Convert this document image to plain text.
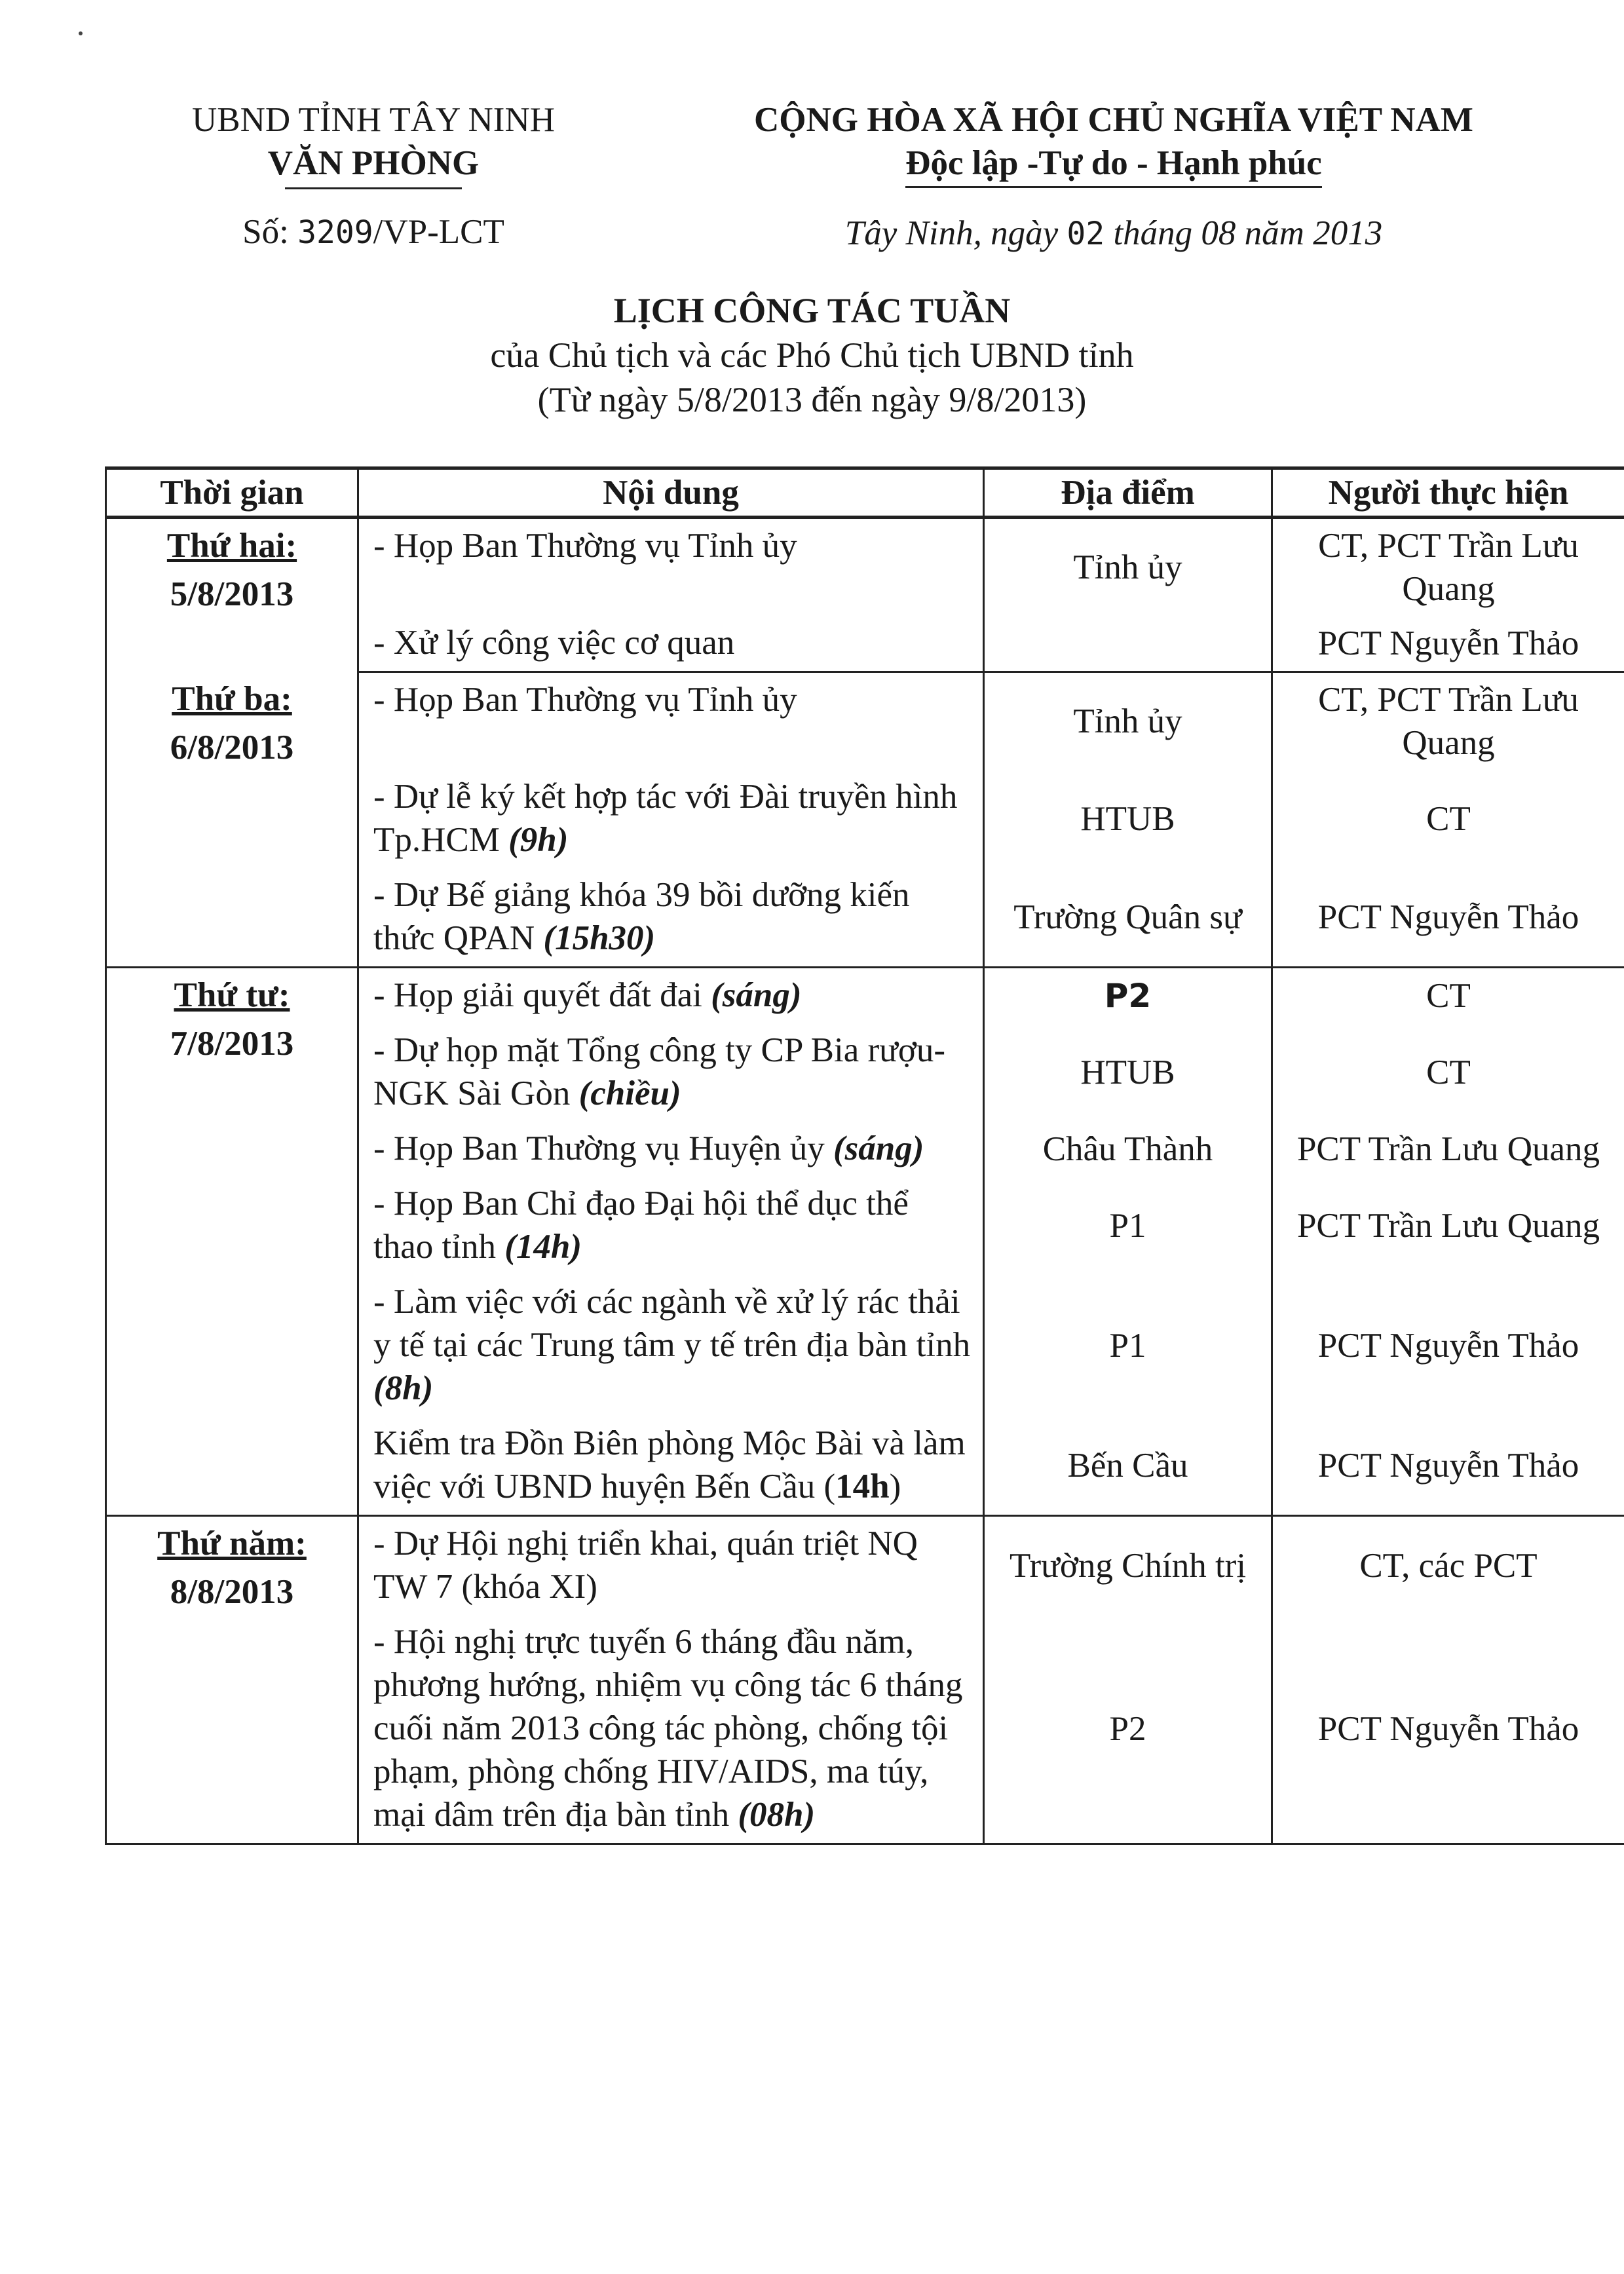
UBND TỈNH TÂY NINH
VĂN PHÒNG
Số: 3209/VP-LCT
CỘNG HÒA XÃ HỘI CHỦ NGHĨA VIỆT NAM
Độc lập -Tự do - Hạnh phúc
Tây Ninh, ngày 02 tháng 08 năm 2013
LỊCH CÔNG TÁC TUẦN
của Chủ tịch và các Phó Chủ tịch UBND tỉnh
(Từ ngày 5/8/2013 đến ngày 9/8/2013)
Thời gian	Nội dung	Địa điểm	Người thực hiện
Thứ hai:
5/8/2013	- Họp Ban Thường vụ Tỉnh ủy	Tỉnh ủy	CT, PCT Trần Lưu Quang
	- Xử lý công việc cơ quan		PCT Nguyễn Thảo
Thứ ba:
6/8/2013	- Họp Ban Thường vụ Tỉnh ủy	Tỉnh ủy	CT, PCT Trần Lưu Quang
	- Dự lễ ký kết hợp tác với Đài truyền hình Tp.HCM (9h)	HTUB	CT
	- Dự Bế giảng khóa 39 bồi dưỡng kiến thức QPAN (15h30)	Trường Quân sự	PCT Nguyễn Thảo
Thứ tư:
7/8/2013	- Họp giải quyết đất đai (sáng)	P2	CT
	- Dự họp mặt Tổng công ty CP Bia rượu-NGK Sài Gòn (chiều)	HTUB	CT
	- Họp Ban Thường vụ Huyện ủy (sáng)	Châu Thành	PCT Trần Lưu Quang
	- Họp Ban Chỉ đạo Đại hội thể dục thể thao tỉnh (14h)	P1	PCT Trần Lưu Quang
	- Làm việc với các ngành về xử lý rác thải y tế tại các Trung tâm y tế trên địa bàn tỉnh (8h)	P1	PCT Nguyễn Thảo
	Kiểm tra Đồn Biên phòng Mộc Bài và làm việc với UBND huyện Bến Cầu (14h)	Bến Cầu	PCT Nguyễn Thảo
Thứ năm:
8/8/2013	- Dự Hội nghị triển khai, quán triệt NQ TW 7 (khóa XI)	Trường Chính trị	CT, các PCT
	- Hội nghị trực tuyến 6 tháng đầu năm, phương hướng, nhiệm vụ công tác 6 tháng cuối năm 2013 công tác phòng, chống tội phạm, phòng chống HIV/AIDS, ma túy, mại dâm trên địa bàn tỉnh (08h)	P2	PCT Nguyễn Thảo
